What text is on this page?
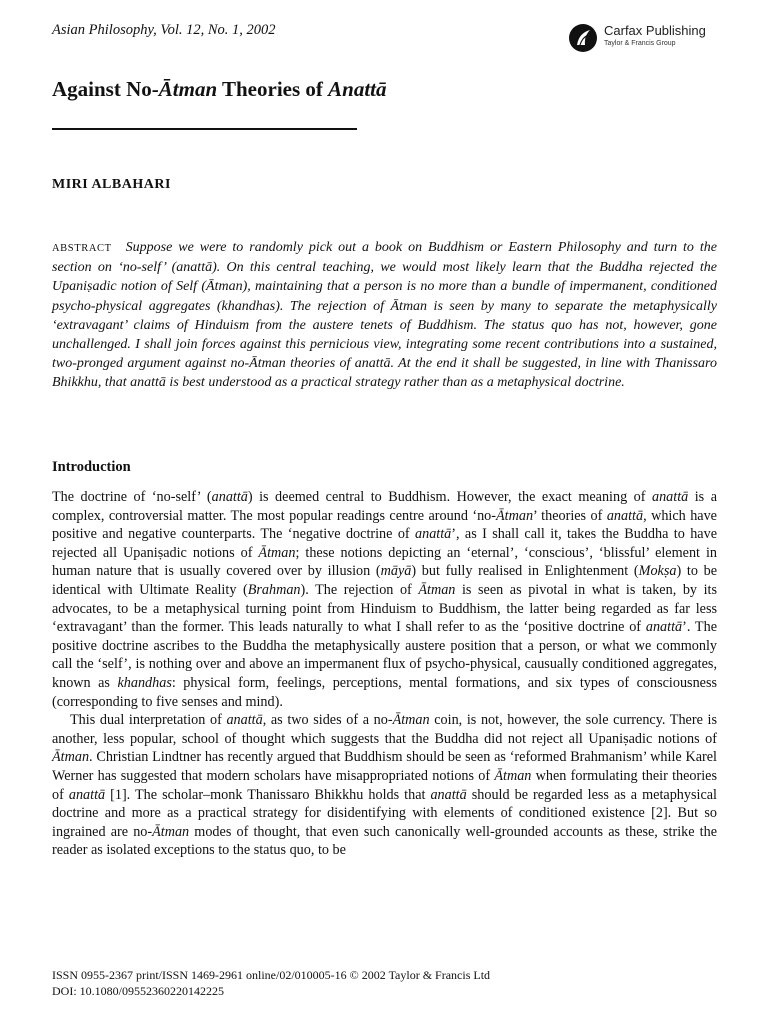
Asian Philosophy, Vol. 12, No. 1, 2002	Carfax Publishing
Taylor & Francis Group
Against No-Ātman Theories of Anattā
MIRI ALBAHARI

ABSTRACT Suppose we were to randomly pick out a book on Buddhism or Eastern Philosophy and turn to the section on ‘no-self’ (anattā). On this central teaching, we would most likely learn that the Buddha rejected the Upaniṣadic notion of Self (Ātman), maintaining that a person is no more than a bundle of impermanent, conditioned psycho-physical aggregates (khandhas). The rejection of Ātman is seen by many to separate the metaphysically ‘extravagant’ claims of Hinduism from the austere tenets of Buddhism. The status quo has not, however, gone unchallenged. I shall join forces against this pernicious view, integrating some recent contributions into a sustained, two-pronged argument against no-Ātman theories of anattā. At the end it shall be suggested, in line with Thanissaro Bhikkhu, that anattā is best understood as a practical strategy rather than as a metaphysical doctrine.

Introduction

The doctrine of ‘no-self’ (anattā) is deemed central to Buddhism. However, the exact meaning of anattā is a complex, controversial matter. The most popular readings centre around ‘no-Ātman’ theories of anattā, which have positive and negative counterparts. The ‘negative doctrine of anattā’, as I shall call it, takes the Buddha to have rejected all Upaniṣadic notions of Ātman; these notions depicting an ‘eternal’, ‘conscious’, ‘blissful’ element in human nature that is usually covered over by illusion (māyā) but fully realised in Enlightenment (Mokṣa) to be identical with Ultimate Reality (Brahman). The rejection of Ātman is seen as pivotal in what is taken, by its advocates, to be a metaphysical turning point from Hinduism to Buddhism, the latter being regarded as far less ‘extravagant’ than the former. This leads naturally to what I shall refer to as the ‘positive doctrine of anattā’. The positive doctrine ascribes to the Buddha the metaphysically austere position that a person, or what we commonly call the ‘self’, is nothing over and above an impermanent flux of psycho-physical, causually conditioned aggregates, known as khandhas: physical form, feelings, perceptions, mental formations, and six types of consciousness (corresponding to five senses and mind).

This dual interpretation of anattā, as two sides of a no-Ātman coin, is not, however, the sole currency. There is another, less popular, school of thought which suggests that the Buddha did not reject all Upaniṣadic notions of Ātman. Christian Lindtner has recently argued that Buddhism should be seen as ‘reformed Brahmanism’ while Karel Werner has suggested that modern scholars have misappropriated notions of Ātman when formulating their theories of anattā [1]. The scholar–monk Thanissaro Bhikkhu holds that anattā should be regarded less as a metaphysical doctrine and more as a practical strategy for disidentifying with elements of conditioned existence [2]. But so ingrained are no-Ātman modes of thought, that even such canonically well-grounded accounts as these, strike the reader as isolated exceptions to the status quo, to be

ISSN 0955-2367 print/ISSN 1469-2961 online/02/010005-16 © 2002 Taylor & Francis Ltd
DOI: 10.1080/09552360220142225
